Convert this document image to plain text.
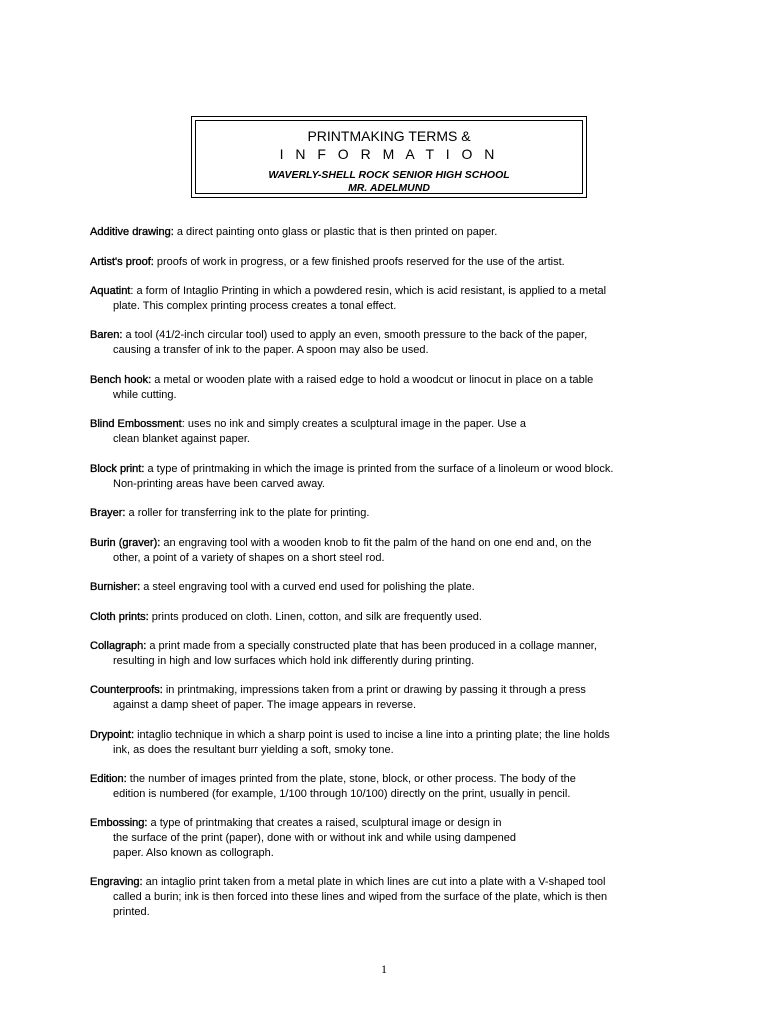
PRINTMAKING TERMS &
I N F O R M A T I O N
WAVERLY-SHELL ROCK SENIOR HIGH SCHOOL
MR. ADELMUND
Additive drawing: a direct painting onto glass or plastic that is then printed on paper.
Artist's proof: proofs of work in progress, or a few finished proofs reserved for the use of the artist.
Aquatint: a form of Intaglio Printing in which a powdered resin, which is acid resistant, is applied to a metal
plate. This complex printing process creates a tonal effect.
Baren: a tool (41/2-inch circular tool) used to apply an even, smooth pressure to the back of the paper,
causing a transfer of ink to the paper. A spoon may also be used.
Bench hook: a metal or wooden plate with a raised edge to hold a woodcut or linocut in place on a table
while cutting.
Blind Embossment: uses no ink and simply creates a sculptural image in the paper. Use a
clean blanket against paper.
Block print: a type of printmaking in which the image is printed from the surface of a linoleum or wood block.
Non-printing areas have been carved away.
Brayer: a roller for transferring ink to the plate for printing.
Burin (graver): an engraving tool with a wooden knob to fit the palm of the hand on one end and, on the
other, a point of a variety of shapes on a short steel rod.
Burnisher: a steel engraving tool with a curved end used for polishing the plate.
Cloth prints: prints produced on cloth. Linen, cotton, and silk are frequently used.
Collagraph: a print made from a specially constructed plate that has been produced in a collage manner,
resulting in high and low surfaces which hold ink differently during printing.
Counterproofs: in printmaking, impressions taken from a print or drawing by passing it through a press
against a damp sheet of paper. The image appears in reverse.
Drypoint: intaglio technique in which a sharp point is used to incise a line into a printing plate; the line holds
ink, as does the resultant burr yielding a soft, smoky tone.
Edition: the number of images printed from the plate, stone, block, or other process. The body of the
edition is numbered (for example, 1/100 through 10/100) directly on the print, usually in pencil.
Embossing: a type of printmaking that creates a raised, sculptural image or design in
the surface of the print (paper), done with or without ink and while using dampened
paper. Also known as collograph.
Engraving: an intaglio print taken from a metal plate in which lines are cut into a plate with a V-shaped tool
called a burin; ink is then forced into these lines and wiped from the surface of the plate, which is then
printed.
1
